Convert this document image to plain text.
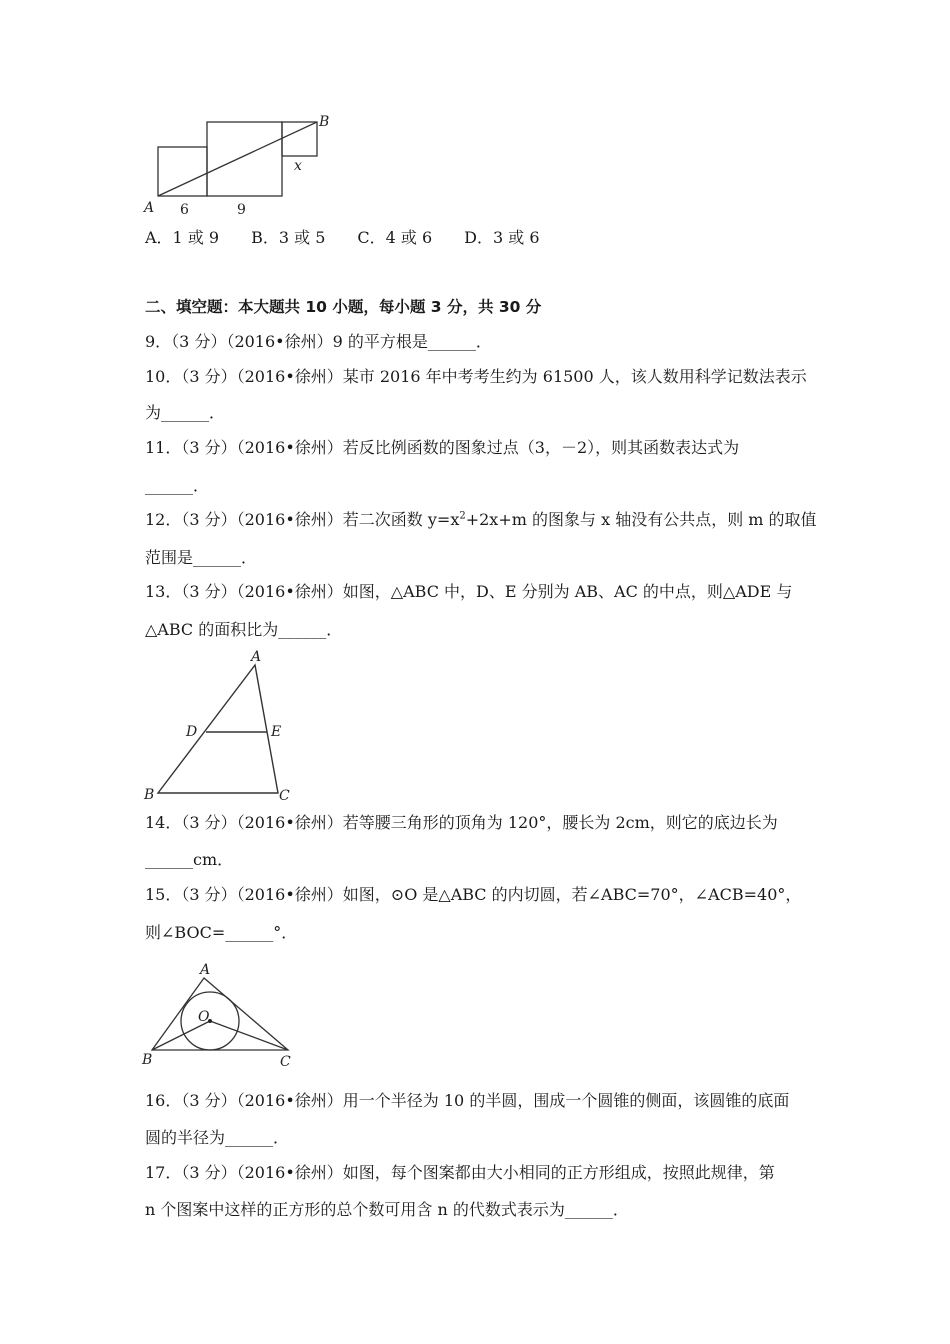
A
B
6	9
x
A．1 或 9　　B．3 或 5　　C．4 或 6　　D．3 或 6
二、填空题：本大题共 10 小题，每小题 3 分，共 30 分
9．（3 分）（2016•徐州）9 的平方根是______．
10．（3 分）（2016•徐州）某市 2016 年中考考生约为 61500 人，该人数用科学记数法表示
为______．
11．（3 分）（2016•徐州）若反比例函数的图象过点（3，－2），则其函数表达式为
______．
12．（3 分）（2016•徐州）若二次函数 $y=x^2+2x+m$ 的图象与 x 轴没有公共点，则 m 的取值
范围是______．
13．（3 分）（2016•徐州）如图，△ABC 中，D、E 分别为 AB、AC 的中点，则△ADE 与
△ABC 的面积比为______．
A
B	C
D	E
14．（3 分）（2016•徐州）若等腰三角形的顶角为 120°，腰长为 2cm，则它的底边长为
______cm．
15．（3 分）（2016•徐州）如图，⊙O 是△ABC 的内切圆，若∠ABC=70°，∠ACB=40°，
则∠BOC=______°．
A
B	C
O
16．（3 分）（2016•徐州）用一个半径为 10 的半圆，围成一个圆锥的侧面，该圆锥的底面
圆的半径为______．
17．（3 分）（2016•徐州）如图，每个图案都由大小相同的正方形组成，按照此规律，第
n 个图案中这样的正方形的总个数可用含 n 的代数式表示为______．
